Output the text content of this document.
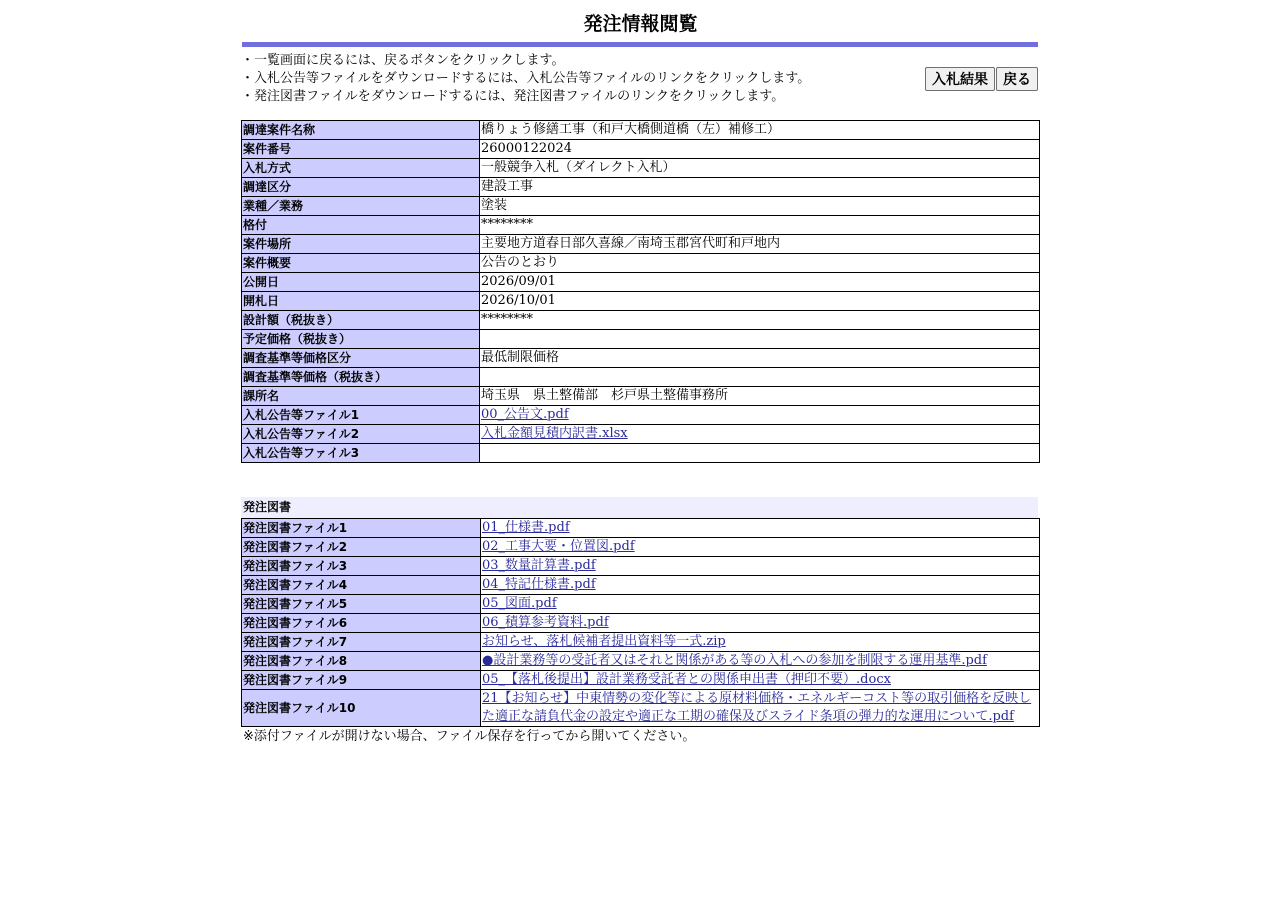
発注情報閲覧
・一覧画面に戻るには、戻るボタンをクリックします。
・入札公告等ファイルをダウンロードするには、入札公告等ファイルのリンクをクリックします。
・発注図書ファイルをダウンロードするには、発注図書ファイルのリンクをクリックします。
入札結果 戻る
調達案件名称	橋りょう修繕工事（和戸大橋側道橋（左）補修工）
案件番号	26000122024
入札方式	一般競争入札（ダイレクト入札）
調達区分	建設工事
業種／業務	塗装
格付	********
案件場所	主要地方道春日部久喜線／南埼玉郡宮代町和戸地内
案件概要	公告のとおり
公開日	2026/09/01
開札日	2026/10/01
設計額（税抜き）	********
予定価格（税抜き）	
調査基準等価格区分	最低制限価格
調査基準等価格（税抜き）	
課所名	埼玉県　県土整備部　杉戸県土整備事務所
入札公告等ファイル1	00_公告文.pdf
入札公告等ファイル2	入札金額見積内訳書.xlsx
入札公告等ファイル3	
発注図書
発注図書ファイル1	01_仕様書.pdf
発注図書ファイル2	02_工事大要・位置図.pdf
発注図書ファイル3	03_数量計算書.pdf
発注図書ファイル4	04_特記仕様書.pdf
発注図書ファイル5	05_図面.pdf
発注図書ファイル6	06_積算参考資料.pdf
発注図書ファイル7	お知らせ、落札候補者提出資料等一式.zip
発注図書ファイル8	●設計業務等の受託者又はそれと関係がある等の入札への参加を制限する運用基準.pdf
発注図書ファイル9	05_【落札後提出】設計業務受託者との関係申出書（押印不要）.docx
発注図書ファイル10	21【お知らせ】中東情勢の変化等による原材料価格・エネルギーコスト等の取引価格を反映した適正な請負代金の設定や適正な工期の確保及びスライド条項の弾力的な運用について.pdf
※添付ファイルが開けない場合、ファイル保存を行ってから開いてください。
